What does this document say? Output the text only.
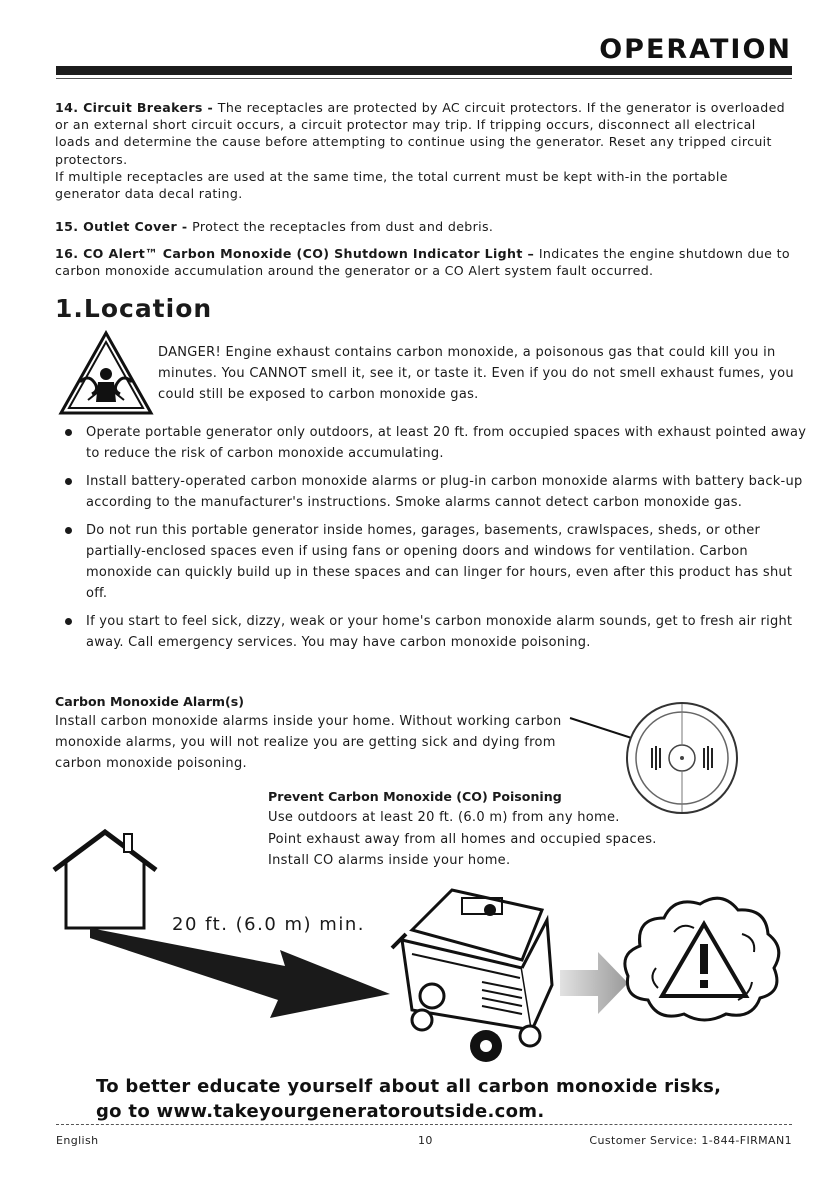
OPERATION
14. Circuit Breakers - The receptacles are protected by AC circuit protectors. If the generator is overloaded or an external short circuit occurs, a circuit protector may trip. If tripping occurs, disconnect all electrical loads and determine the cause before attempting to continue using the generator. Reset any tripped circuit protectors.
If multiple receptacles are used at the same time, the total current must be kept with-in the portable generator data decal rating.
15. Outlet Cover - Protect the receptacles from dust and debris.
16. CO Alert™ Carbon Monoxide (CO) Shutdown Indicator Light – Indicates the engine shutdown due to carbon monoxide accumulation around the generator or a CO Alert system fault occurred.
1.Location
DANGER! Engine exhaust contains carbon monoxide, a poisonous gas that could kill you in minutes. You CANNOT smell it, see it, or taste it. Even if you do not smell exhaust fumes, you could still be exposed to carbon monoxide gas.
Operate portable generator only outdoors, at least 20 ft. from occupied spaces with exhaust pointed away to reduce the risk of carbon monoxide accumulating.
Install battery-operated carbon monoxide alarms or plug-in carbon monoxide alarms with battery back-up according to the manufacturer's instructions. Smoke alarms cannot detect carbon monoxide gas.
Do not run this portable generator inside homes, garages, basements, crawlspaces, sheds, or other partially-enclosed spaces even if using fans or opening doors and windows for ventilation. Carbon monoxide can quickly build up in these spaces and can linger for hours, even after this product has shut off.
If you start to feel sick, dizzy, weak or your home's carbon monoxide alarm sounds, get to fresh air right away. Call emergency services. You may have carbon monoxide poisoning.
Carbon Monoxide Alarm(s)
Install carbon monoxide alarms inside your home. Without working carbon monoxide alarms, you will not realize you are getting sick and dying from carbon monoxide poisoning.
Prevent Carbon Monoxide (CO) Poisoning
Use outdoors at least 20 ft. (6.0 m) from any home.
Point exhaust away from all homes and occupied spaces.
Install CO alarms inside your home.
20 ft. (6.0 m) min.
To better educate yourself about all carbon monoxide risks,
go to www.takeyourgeneratoroutside.com.
English	10	Customer Service: 1-844-FIRMAN1
